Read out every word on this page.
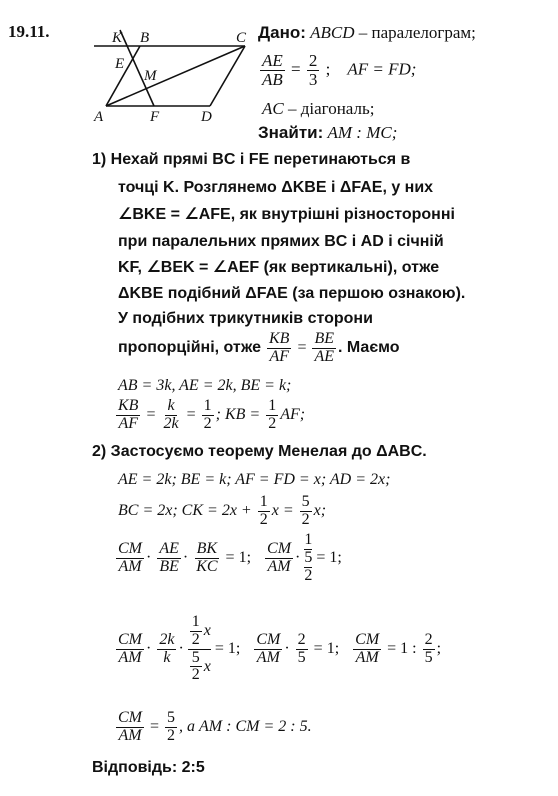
19.11.	K B	C
E
M
A	F	D
Дано: ABCD – паралелограм;
$\frac{AE}{AB} = \frac{2}{3}$ ;    AF = FD;
AC – діагональ;
Знайти: AM : MC;
1) Нехай прямі BC і FE перетинаються в
точці K. Розглянемо ΔKBE і ΔFAE, у них
∠BKE = ∠AFE, як внутрішні різносторонні
при паралельних прямих BC і AD і січній
KF, ∠BEK = ∠AEF (як вертикальні), отже
ΔKBE подібний ΔFAE (за першою ознакою).
У подібних трикутників сторони
пропорційні, отже $\frac{KB}{AF} = \frac{BE}{AE}$ . Маємо
AB = 3k, AE = 2k, BE = k;
$\frac{KB}{AF} = \frac{k}{2k} = \frac{1}{2}$ ; KB = $\frac{1}{2}$ AF;
2) Застосуємо теорему Менелая до ΔABC.
AE = 2k; BE = k; AF = FD = x; AD = 2x;
BC = 2x; CK = $2x + \frac{1}{2}$ $x = \frac{5}{2} x$;
$\frac{CM}{AM} \cdot \frac{AE}{BE} \cdot \frac{BK}{KC} = 1$; $\frac{CM}{AM}$ ·
1
5
2
= 1;
$\frac{CM}{AM} \cdot \frac{2k}{k} \cdot \frac{\frac{1}{2} x}{\frac{5}{2} x} = 1$; $\frac{CM}{AM} \cdot \frac{2}{5} = 1$; $\frac{CM}{AM} = 1$ : $\frac{2}{5}$ ;
$\frac{CM}{AM} = \frac{5}{2}$ , а AM : CM = 2 : 5.
Відповідь: 2:5
